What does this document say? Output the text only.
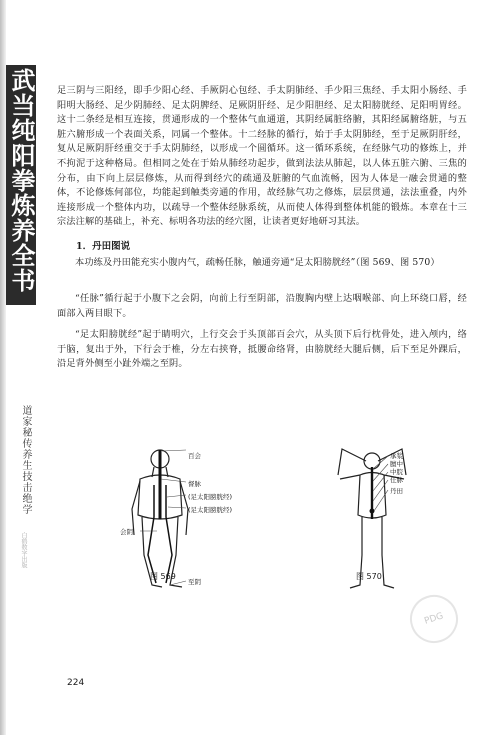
武当纯阳拳炼养全书
道家秘传养生技击绝学
白鹤数字出版
足三阴与三阳经，即手少阳心经、手厥阴心包经、手太阴肺经、手少阳三焦经、手太阳小肠经、手阳明大肠经、足少阴肺经、足太阴脾经、足厥阴肝经、足少阳胆经、足太阳膀胱经、足阳明胃经。这十二条经是相互连接，贯通形成的一个整体气血通道，其阴经属脏络腑，其阳经属腑络脏，与五脏六腑形成一个表面关系，同属一个整体。十二经脉的循行，始于手太阴肺经，至于足厥阴肝经，复从足厥阴肝经重交于手太阴肺经，以形成一个圆循环。这一循环系统，在经脉气功的修炼上，并不拘泥于这种格局。但相同之处在于始从肺经功起步，做到法法从肺起，以人体五脏六腑、三焦的分布，由下向上层层修炼，从而得到经穴的疏通及脏腑的气血流畅，因为人体是一融会贯通的整体，不论修炼何部位，均能起到触类旁通的作用，故经脉气功之修炼，层层贯通，法法重叠，内外连接形成一个整体内功，以疏导一个整体经脉系统，从而使人体得到整体机能的锻炼。本章在十三宗法注解的基础上，补充、标明各功法的经穴图，让读者更好地研习其法。
1．丹田图说
本功练及丹田能充实小腹内气，疏畅任脉，触通旁通“足太阳膀胱经”（图 569、图 570）
“任脉”循行起于小腹下之会阴，向前上行至阴部，沿腹胸内壁上达咽喉部、向上环绕口唇，经面部入两目眼下。
“足太阳膀胱经”起于睛明穴，上行交会于头顶部百会穴，从头顶下后行枕骨处，进入颅内，络于脑，复出于外，下行会于椎，分左右挟脊，抵腰命络肾，由膀胱经大腿后侧，后下至足外踝后，沿足背外侧至小趾外端之至阴。
百会
督脉
(足太阳膀胱经)
(足太阳膀胱经)
会阴
至阴
图 569
承浆
膻中
中脘
任脉
丹田
图 570
PDG
224
